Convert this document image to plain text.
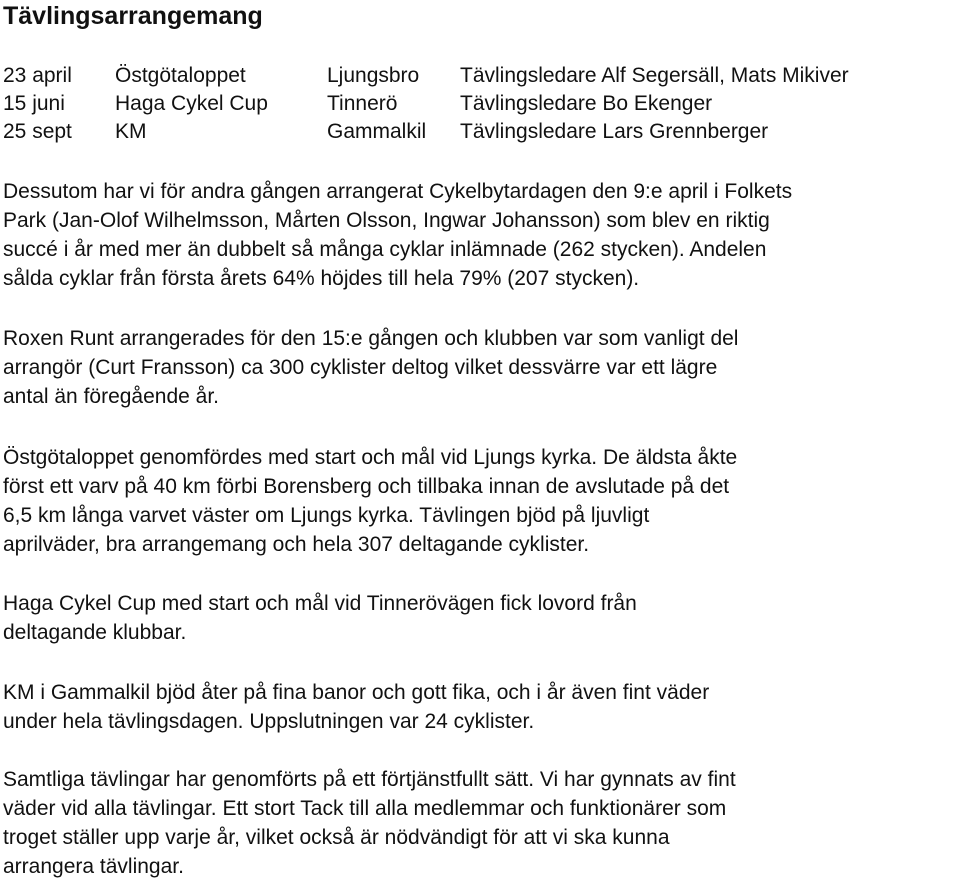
Tävlingsarrangemang
23 april Östgötaloppet	Ljungsbro Tävlingsledare Alf Segersäll, Mats Mikiver
15 juni Haga Cykel Cup	Tinnerö	Tävlingsledare Bo Ekenger
25 sept KM	Gammalkil Tävlingsledare Lars Grennberger

Dessutom har vi för andra gången arrangerat Cykelbytardagen den 9:e april i Folkets
Park (Jan-Olof Wilhelmsson, Mårten Olsson, Ingwar Johansson) som blev en riktig
succé i år med mer än dubbelt så många cyklar inlämnade (262 stycken). Andelen
sålda cyklar från första årets 64% höjdes till hela 79% (207 stycken).

Roxen Runt arrangerades för den 15:e gången och klubben var som vanligt del
arrangör (Curt Fransson) ca 300 cyklister deltog vilket dessvärre var ett lägre
antal än föregående år.

Östgötaloppet genomfördes med start och mål vid Ljungs kyrka. De äldsta åkte
först ett varv på 40 km förbi Borensberg och tillbaka innan de avslutade på det
6,5 km långa varvet väster om Ljungs kyrka. Tävlingen bjöd på ljuvligt
aprilväder, bra arrangemang och hela 307 deltagande cyklister.

Haga Cykel Cup med start och mål vid Tinnerövägen fick lovord från
deltagande klubbar.

KM i Gammalkil bjöd åter på fina banor och gott fika, och i år även fint väder
under hela tävlingsdagen. Uppslutningen var 24 cyklister.

Samtliga tävlingar har genomförts på ett förtjänstfullt sätt. Vi har gynnats av fint
väder vid alla tävlingar. Ett stort Tack till alla medlemmar och funktionärer som
troget ställer upp varje år, vilket också är nödvändigt för att vi ska kunna
arrangera tävlingar.
